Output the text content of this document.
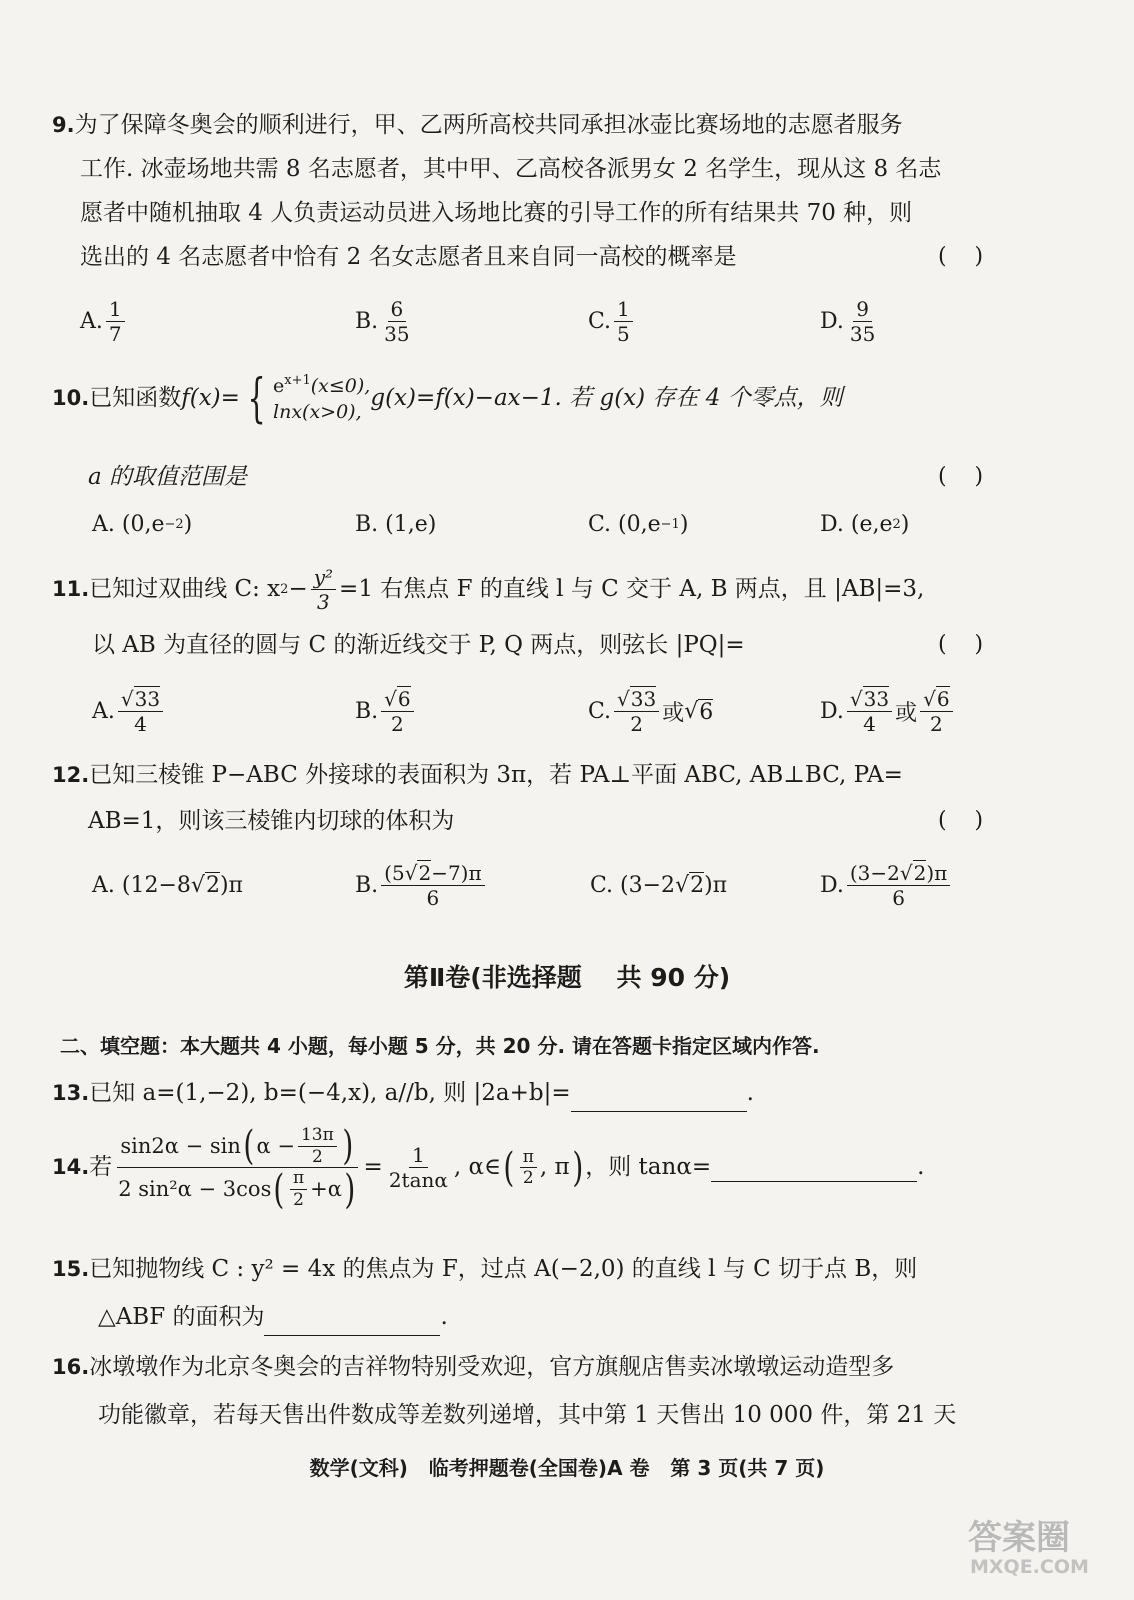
9.为了保障冬奥会的顺利进行，甲、乙两所高校共同承担冰壶比赛场地的志愿者服务
工作. 冰壶场地共需 8 名志愿者，其中甲、乙高校各派男女 2 名学生，现从这 8 名志
愿者中随机抽取 4 人负责运动员进入场地比赛的引导工作的所有结果共 70 种，则
选出的 4 名志愿者中恰有 2 名女志愿者且来自同一高校的概率是	(    )
A. $\frac{1}{7}$	B. $\frac{6}{35}$	C. $\frac{1}{5}$	D. $\frac{9}{35}$
10. 已知函数 f(x)= { $e^{x+1}(x\le 0)$,
lnx(x>0),
g(x)=f(x)−ax−1. 若 g(x) 存在 4 个零点，则
a 的取值范围是	(    )
A.
(0,e −2 )	B.
(1,e)	C.
(0,e −1 )	D.
(e,e 2 )
11. 已知过双曲线 C: x $2 - \frac{\text{y²}}{3} =1$ 右焦点 F 的直线 l 与 C 交于 A, B 两点，且 |AB|=3,
以 AB 为直径的圆与 C 的渐近线交于 P, Q 两点，则弦长 |PQ|=	(    )
A. $\frac{√33}{4}$	B. $\frac{√6}{2}$	C. $\frac{√33}{2}$ 或 √ 6	D. $\frac{√33}{4}$ 或 $\frac{√6}{2}$
12.已知三棱锥 P−ABC 外接球的表面积为 3π，若 PA⊥平面 ABC, AB⊥BC, PA=
AB=1，则该三棱锥内切球的体积为	(    )
A.
(12−8 √ 2 )π	B. $\frac{(5√2-7)\pi}{6}$	C.
(3−2 √ 2 )π	D. $\frac{(3-2√2)\pi}{6}$
第Ⅱ卷(非选择题    共 90 分)
二、填空题：本大题共 4 小题，每小题 5 分，共 20 分. 请在答题卡指定区域内作答.
13.已知 a=(1,−2), b=(−4,x), a//b, 则 |2a+b|=	.
14. 若 $\frac{\sin 2\alpha - \sin ( \alpha - \frac{13\pi}{2} )}{2 \sin^2\alpha - 3\cos ( \frac{\pi}{2} +\alpha )} = \frac{1}{2\tan\alpha}$ , α∈ ( $\frac{\pi}{2}$ , π ) ，则 tanα=
	.
15.已知抛物线 C : y² = 4x 的焦点为 F，过点 A(−2,0) 的直线 l 与 C 切于点 B，则
△ABF 的面积为	.
16.冰墩墩作为北京冬奥会的吉祥物特别受欢迎，官方旗舰店售卖冰墩墩运动造型多
功能徽章，若每天售出件数成等差数列递增，其中第 1 天售出 10 000 件，第 21 天
数学(文科)   临考押题卷(全国卷)A 卷   第 3 页(共 7 页)
答案圈
MXQE.COM
